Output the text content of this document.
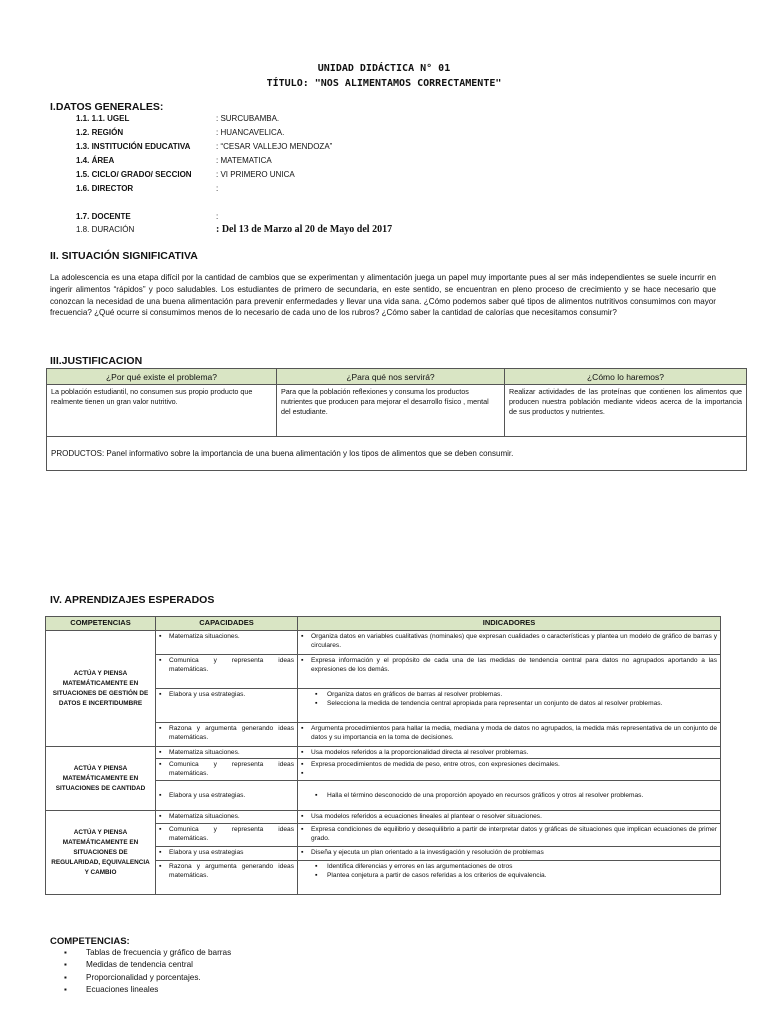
UNIDAD DIDÁCTICA N° 01
TÍTULO: "NOS ALIMENTAMOS CORRECTAMENTE"
I.DATOS GENERALES:
1.1. 1.1. UGEL	: SURCUBAMBA.
1.2. REGIÓN	: HUANCAVELICA.
1.3. INSTITUCIÓN EDUCATIVA	: “CESAR VALLEJO MENDOZA”
1.4. ÁREA	: MATEMATICA
1.5. CICLO/ GRADO/ SECCION	: VI PRIMERO UNICA
1.6. DIRECTOR	:
1.7. DOCENTE	:
1.8. DURACIÓN	: Del 13 de Marzo al 20 de Mayo del 2017
II. SITUACIÓN SIGNIFICATIVA
La adolescencia es una etapa difícil por la cantidad de cambios que se experimentan y alimentación juega un papel muy importante pues al ser más independientes se suele incurrir en ingerir alimentos “rápidos” y poco saludables. Los estudiantes de primero de secundaria, en este sentido, se encuentran en pleno proceso de crecimiento y se hace necesario que conozcan la necesidad de una buena alimentación para prevenir enfermedades y llevar una vida sana. ¿Cómo podemos saber qué tipos de alimentos nutritivos consumimos con mayor frecuencia? ¿Qué ocurre si consumimos menos de lo necesario de cada uno de los rubros? ¿Cómo saber la cantidad de calorías que necesitamos consumir?
III.JUSTIFICACION
¿Por qué existe el problema?	¿Para qué nos servirá?	¿Cómo lo haremos?
La población estudiantil, no consumen sus propio producto que realmente tienen un gran valor nutritivo.	Para que la población reflexiones y consuma los productos nutrientes que producen para mejorar el desarrollo físico , mental del estudiante.	Realizar actividades de las proteínas que contienen los alimentos que producen nuestra población mediante videos acerca de la importancia de sus productos y nutrientes.
PRODUCTOS: Panel informativo sobre la importancia de una buena alimentación y los tipos de alimentos que se deben consumir.		
IV. APRENDIZAJES ESPERADOS
COMPETENCIAS	CAPACIDADES	INDICADORES
ACTÚA Y PIENSA MATEMÁTICAMENTE EN SITUACIONES DE GESTIÓN DE DATOS E INCERTIDUMBRE	▪ Matematiza situaciones.	▪ Organiza datos en variables cualitativas (nominales) que expresan cualidades o características y plantea un modelo de gráfico de barras y circulares.

	▪ Comunica y representa ideas matemáticas.	▪ Expresa información y el propósito de cada una de las medidas de tendencia central para datos no agrupados aportando a las expresiones de los demás.

	▪ Elabora y usa estrategias.	▪ Organiza datos en gráficos de barras al resolver problemas.
▪ Selecciona la medida de tendencia central apropiada para representar un conjunto de datos al resolver problemas.

	▪ Razona y argumenta generando ideas matemáticas.	▪ Argumenta procedimientos para hallar la media, mediana y moda de datos no agrupados, la medida más representativa de un conjunto de datos y su importancia en la toma de decisiones.

ACTÚA Y PIENSA MATEMÁTICAMENTE EN SITUACIONES DE CANTIDAD	▪ Matematiza situaciones.	▪ Usa modelos referidos a la proporcionalidad directa al resolver problemas.

	▪ Comunica y representa ideas matemáticas.	▪ Expresa procedimientos de medida de peso, entre otros, con expresiones decimales.

	▪ Elabora y usa estrategias.	▪ Halla el término desconocido de una proporción apoyado en recursos gráficos y otros al resolver problemas.

ACTÚA Y PIENSA MATEMÁTICAMENTE EN SITUACIONES DE REGULARIDAD, EQUIVALENCIA Y CAMBIO	▪ Matematiza situaciones.	▪ Usa modelos referidos a ecuaciones lineales al plantear o resolver situaciones.

	▪ Comunica y representa ideas matemáticas.	▪ Expresa condiciones de equilibrio y desequilibrio a partir de interpretar datos y gráficas de situaciones que implican ecuaciones de primer grado.

	▪ Elabora y usa estrategias	▪ Diseña y ejecuta un plan orientado a la investigación y resolución de problemas

	▪ Razona y argumenta generando ideas matemáticas.	▪ Identifica diferencias y errores en las argumentaciones de otros
▪ Plantea conjetura a partir de casos referidas a los criterios de equivalencia.
COMPETENCIAS:
▪ Tablas de frecuencia y gráfico de barras
▪ Medidas de tendencia central
▪ Proporcionalidad y porcentajes.
▪ Ecuaciones lineales
